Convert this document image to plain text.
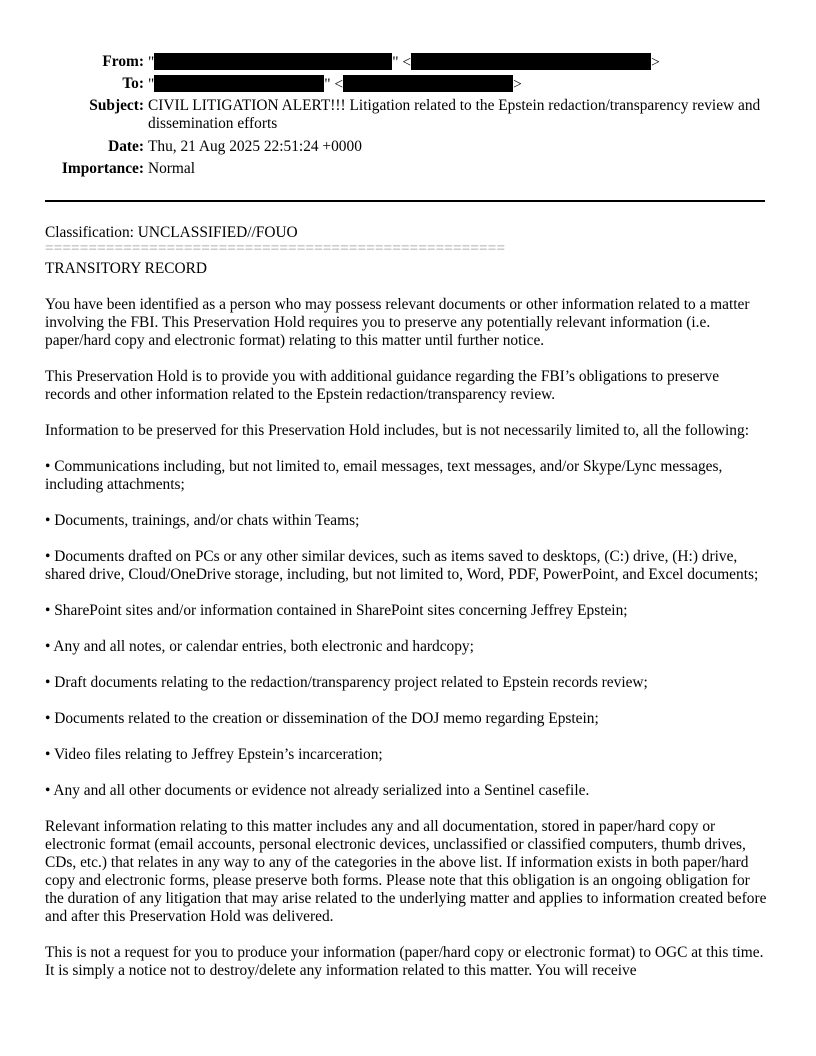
From: "	" <	>
To: "	" <	>
Subject: CIVIL LITIGATION ALERT!!! Litigation related to the Epstein redaction/transparency review and dissemination efforts
Date: Thu, 21 Aug 2025 22:51:24 +0000
Importance: Normal

Classification: UNCLASSIFIED//FOUO

=====================================================

TRANSITORY RECORD

You have been identified as a person who may possess relevant documents or other information related to a matter involving the FBI. This Preservation Hold requires you to preserve any potentially relevant information (i.e. paper/hard copy and electronic format) relating to this matter until further notice.

This Preservation Hold is to provide you with additional guidance regarding the FBI’s obligations to preserve records and other information related to the Epstein redaction/transparency review.

Information to be preserved for this Preservation Hold includes, but is not necessarily limited to, all the following:

• Communications including, but not limited to, email messages, text messages, and/or Skype/Lync messages, including attachments;

• Documents, trainings, and/or chats within Teams;

• Documents drafted on PCs or any other similar devices, such as items saved to desktops, (C:) drive, (H:) drive, shared drive, Cloud/OneDrive storage, including, but not limited to, Word, PDF, PowerPoint, and Excel documents;

• SharePoint sites and/or information contained in SharePoint sites concerning Jeffrey Epstein;

• Any and all notes, or calendar entries, both electronic and hardcopy;

• Draft documents relating to the redaction/transparency project related to Epstein records review;

• Documents related to the creation or dissemination of the DOJ memo regarding Epstein;

• Video files relating to Jeffrey Epstein’s incarceration;

• Any and all other documents or evidence not already serialized into a Sentinel casefile.

Relevant information relating to this matter includes any and all documentation, stored in paper/hard copy or electronic format (email accounts, personal electronic devices, unclassified or classified computers, thumb drives, CDs, etc.) that relates in any way to any of the categories in the above list. If information exists in both paper/hard copy and electronic forms, please preserve both forms. Please note that this obligation is an ongoing obligation for the duration of any litigation that may arise related to the underlying matter and applies to information created before and after this Preservation Hold was delivered.

This is not a request for you to produce your information (paper/hard copy or electronic format) to OGC at this time. It is simply a notice not to destroy/delete any information related to this matter. You will receive
